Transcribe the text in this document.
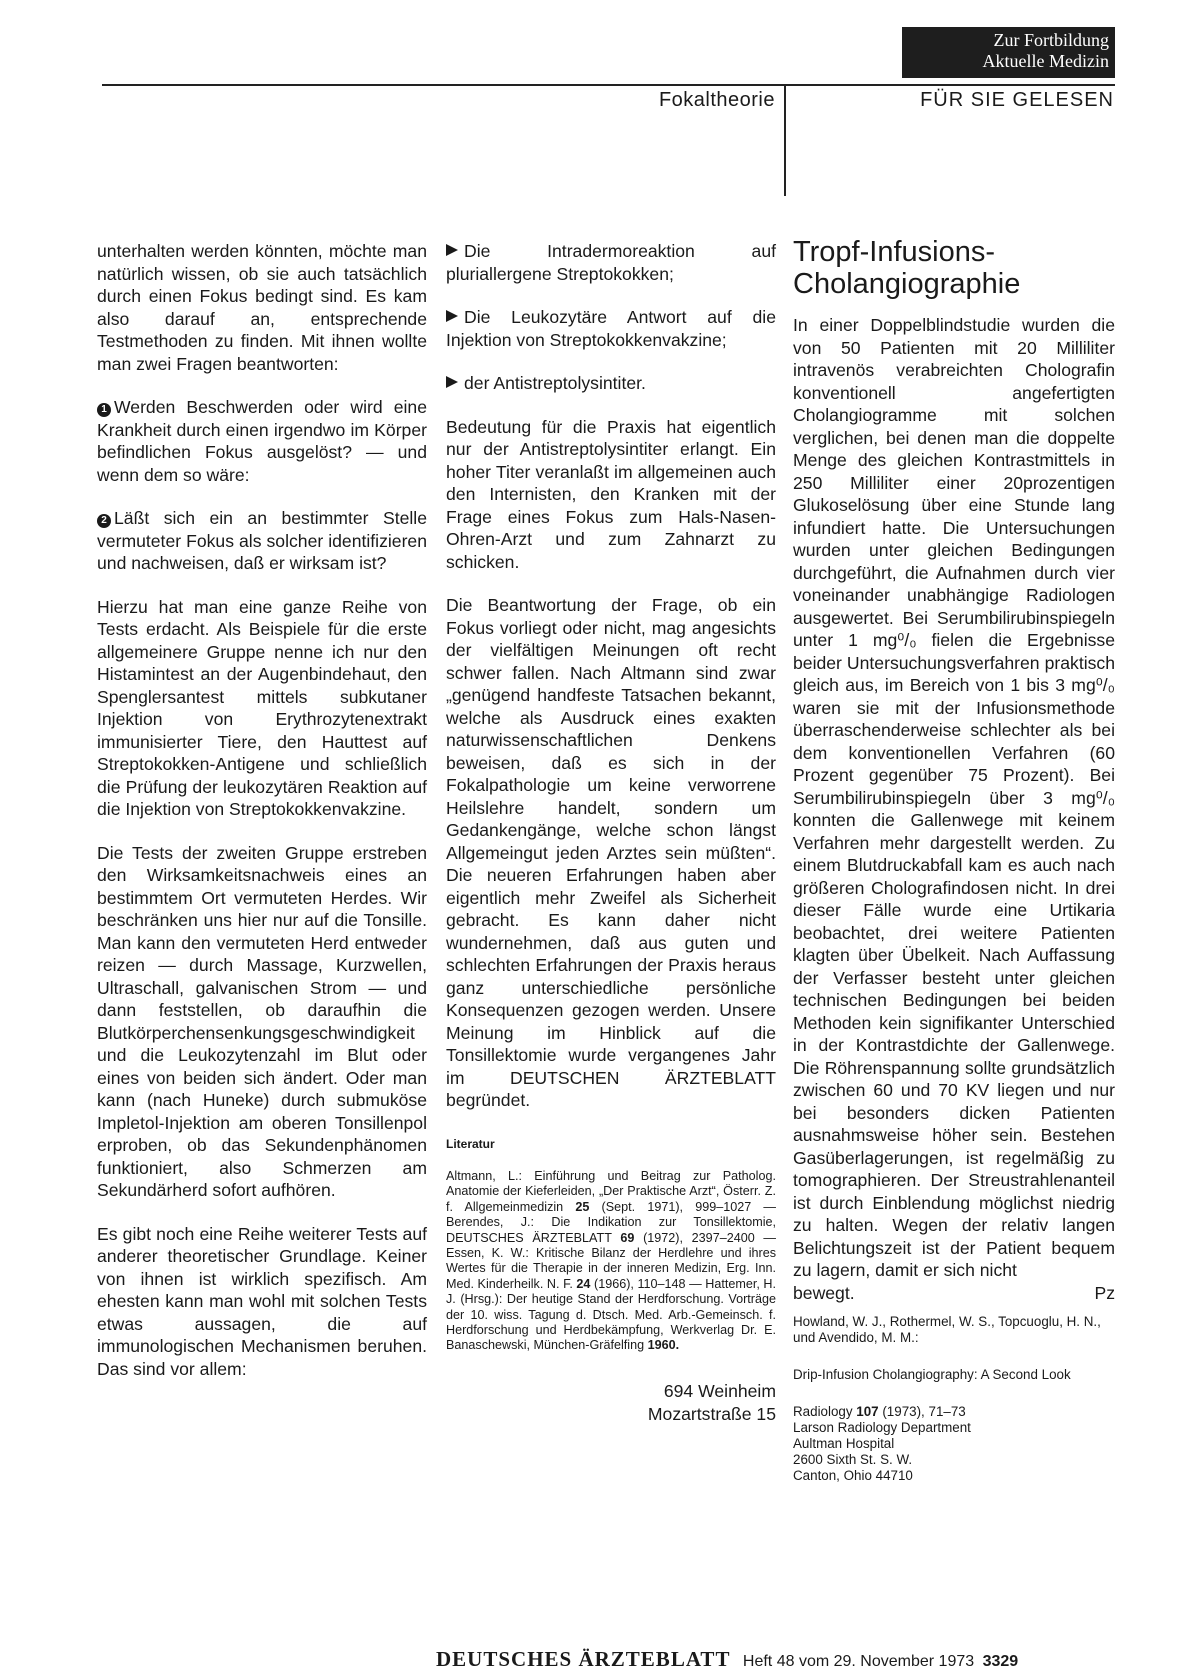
Zur Fortbildung
Aktuelle Medizin
Fokaltheorie	FÜR SIE GELESEN

unterhalten werden könnten, möchte man natürlich wissen, ob sie auch tatsächlich durch einen Fokus bedingt sind. Es kam also darauf an, entsprechende Testmethoden zu finden. Mit ihnen wollte man zwei Fragen beantworten:

1 Werden Beschwerden oder wird eine Krankheit durch einen irgendwo im Körper befindlichen Fokus ausgelöst? — und wenn dem so wäre:

2 Läßt sich ein an bestimmter Stelle vermuteter Fokus als solcher identifizieren und nachweisen, daß er wirksam ist?

Hierzu hat man eine ganze Reihe von Tests erdacht. Als Beispiele für die erste allgemeinere Gruppe nenne ich nur den Histamintest an der Augenbindehaut, den Spenglersantest mittels subkutaner Injektion von Erythrozytenextrakt immunisierter Tiere, den Hauttest auf Streptokokken-Antigene und schließlich die Prüfung der leukozytären Reaktion auf die Injektion von Streptokokkenvakzine.

Die Tests der zweiten Gruppe erstreben den Wirksamkeitsnachweis eines an bestimmtem Ort vermuteten Herdes. Wir beschränken uns hier nur auf die Tonsille. Man kann den vermuteten Herd entweder reizen — durch Massage, Kurzwellen, Ultraschall, galvanischen Strom — und dann feststellen, ob daraufhin die Blutkörperchensenkungsgeschwindigkeit und die Leukozytenzahl im Blut oder eines von beiden sich ändert. Oder man kann (nach Huneke) durch submuköse Impletol-Injektion am oberen Tonsillenpol erproben, ob das Sekundenphänomen funktioniert, also Schmerzen am Sekundärherd sofort aufhören.

Es gibt noch eine Reihe weiterer Tests auf anderer theoretischer Grundlage. Keiner von ihnen ist wirklich spezifisch. Am ehesten kann man wohl mit solchen Tests etwas aussagen, die auf immunologischen Mechanismen beruhen. Das sind vor allem:

Die Intradermoreaktion auf pluriallergene Streptokokken;

Die Leukozytäre Antwort auf die Injektion von Streptokokkenvakzine;

der Antistreptolysintiter.

Bedeutung für die Praxis hat eigentlich nur der Antistreptolysintiter erlangt. Ein hoher Titer veranlaßt im allgemeinen auch den Internisten, den Kranken mit der Frage eines Fokus zum Hals-Nasen-Ohren-Arzt und zum Zahnarzt zu schicken.

Die Beantwortung der Frage, ob ein Fokus vorliegt oder nicht, mag angesichts der vielfältigen Meinungen oft recht schwer fallen. Nach Altmann sind zwar „genügend handfeste Tatsachen bekannt, welche als Ausdruck eines exakten naturwissenschaftlichen Denkens beweisen, daß es sich in der Fokalpathologie um keine verworrene Heilslehre handelt, sondern um Gedankengänge, welche schon längst Allgemeingut jeden Arztes sein müßten“. Die neueren Erfahrungen haben aber eigentlich mehr Zweifel als Sicherheit gebracht. Es kann daher nicht wundernehmen, daß aus guten und schlechten Erfahrungen der Praxis heraus ganz unterschiedliche persönliche Konsequenzen gezogen werden. Unsere Meinung im Hinblick auf die Tonsillektomie wurde vergangenes Jahr im DEUTSCHEN ÄRZTEBLATT begründet.

Literatur

Altmann, L.: Einführung und Beitrag zur Patholog. Anatomie der Kieferleiden, „Der Praktische Arzt“, Österr. Z. f. Allgemeinmedizin 25 (Sept. 1971), 999–1027 — Berendes, J.: Die Indikation zur Tonsillektomie, DEUTSCHES ÄRZTEBLATT 69 (1972), 2397–2400 — Essen, K. W.: Kritische Bilanz der Herdlehre und ihres Wertes für die Therapie in der inneren Medizin, Erg. Inn. Med. Kinderheilk. N. F. 24 (1966), 110–148 — Hattemer, H. J. (Hrsg.): Der heutige Stand der Herdforschung. Vorträge der 10. wiss. Tagung d. Dtsch. Med. Arb.-Gemeinsch. f. Herdforschung und Herdbekämpfung, Werkverlag Dr. E. Banaschewski, München-Gräfelfing 1960.

694 Weinheim
Mozartstraße 15
Tropf-Infusions-Cholangiographie

In einer Doppelblindstudie wurden die von 50 Patienten mit 20 Milliliter intravenös verabreichten Cholografin konventionell angefertigten Cholangiogramme mit solchen verglichen, bei denen man die doppelte Menge des gleichen Kontrastmittels in 250 Milliliter einer 20prozentigen Glukoselösung über eine Stunde lang infundiert hatte. Die Untersuchungen wurden unter gleichen Bedingungen durchgeführt, die Aufnahmen durch vier voneinander unabhängige Radiologen ausgewertet. Bei Serumbilirubinspiegeln unter 1 mg⁰/₀ fielen die Ergebnisse beider Untersuchungsverfahren praktisch gleich aus, im Bereich von 1 bis 3 mg⁰/₀ waren sie mit der Infusionsmethode überraschenderweise schlechter als bei dem konventionellen Verfahren (60 Prozent gegenüber 75 Prozent). Bei Serumbilirubinspiegeln über 3 mg⁰/₀ konnten die Gallenwege mit keinem Verfahren mehr dargestellt werden. Zu einem Blutdruckabfall kam es auch nach größeren Cholografindosen nicht. In drei dieser Fälle wurde eine Urtikaria beobachtet, drei weitere Patienten klagten über Übelkeit. Nach Auffassung der Verfasser besteht unter gleichen technischen Bedingungen bei beiden Methoden kein signifikanter Unterschied in der Kontrastdichte der Gallenwege. Die Röhrenspannung sollte grundsätzlich zwischen 60 und 70 KV liegen und nur bei besonders dicken Patienten ausnahmsweise höher sein. Bestehen Gasüberlagerungen, ist regelmäßig zu tomographieren. Der Streustrahlenanteil ist durch Einblendung möglichst niedrig zu halten. Wegen der relativ langen Belichtungszeit ist der Patient bequem zu lagern, damit er sich nicht

bewegt.	Pz

Howland, W. J., Rothermel, W. S., Topcuoglu, H. N., und Avendido, M. M.:

Drip-Infusion Cholangiography: A Second Look

Radiology 107 (1973), 71–73

Larson Radiology Department

Aultman Hospital

2600 Sixth St. S. W.

Canton, Ohio 44710

DEUTSCHES ÄRZTEBLATT Heft 48 vom 29. November 1973 3329
